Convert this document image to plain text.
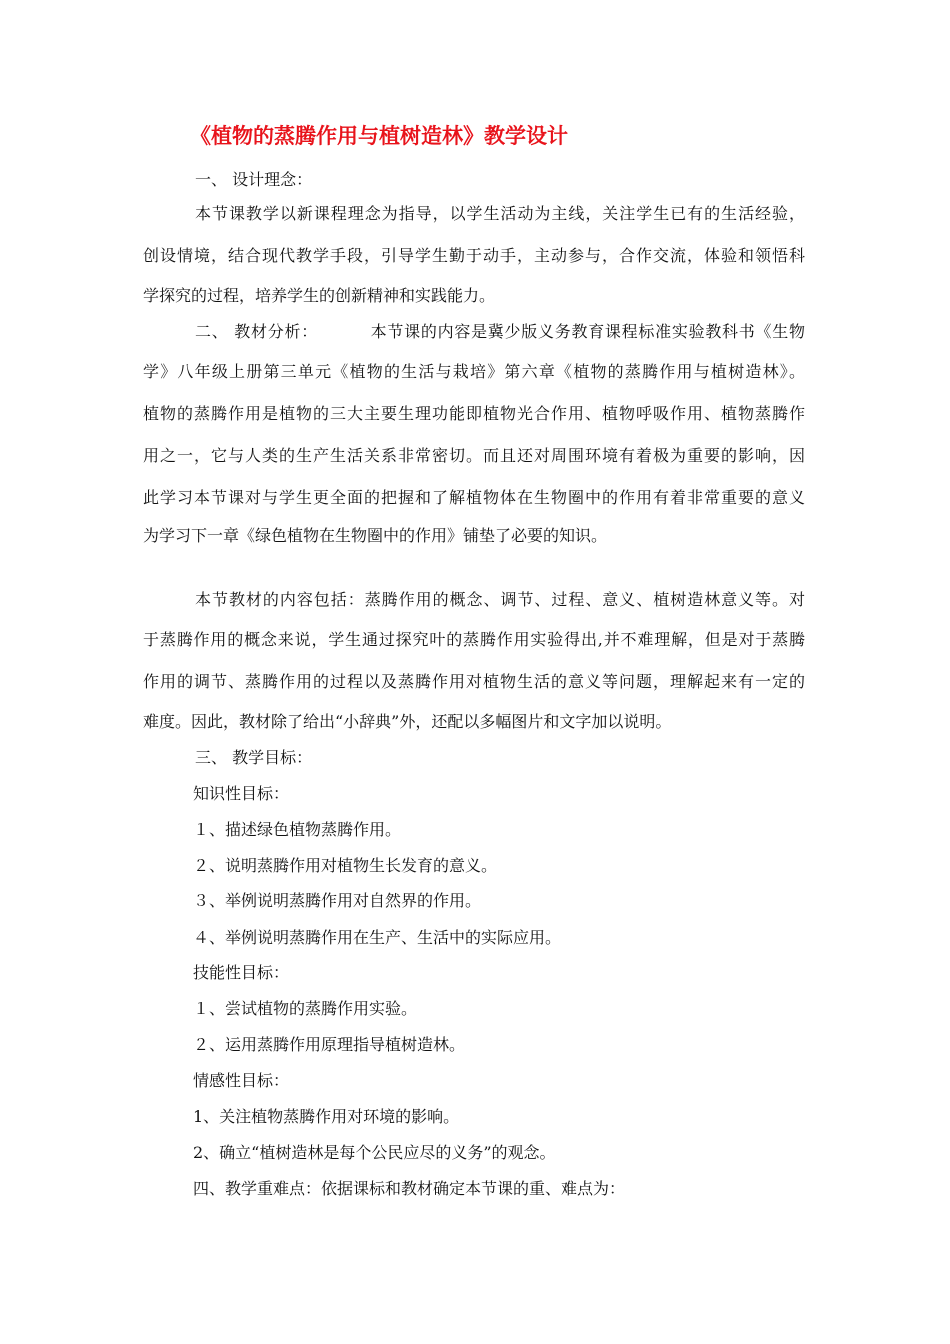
《植物的蒸腾作用与植树造林》教学设计
一、 设计理念：
本节课教学以新课程理念为指导，以学生活动为主线，关注学生已有的生活经验，
创设情境，结合现代教学手段，引导学生勤于动手，主动参与，合作交流，体验和领悟科
学探究的过程，培养学生的创新精神和实践能力。
二、 教材分析：	本节课的内容是冀少版义务教育课程标准实验教科书《生物
学》八年级上册第三单元《植物的生活与栽培》第六章《植物的蒸腾作用与植树造林》。
植物的蒸腾作用是植物的三大主要生理功能即植物光合作用、植物呼吸作用、植物蒸腾作
用之一，它与人类的生产生活关系非常密切。而且还对周围环境有着极为重要的影响，因
此学习本节课对与学生更全面的把握和了解植物体在生物圈中的作用有着非常重要的意义
为学习下一章《绿色植物在生物圈中的作用》铺垫了必要的知识。
本节教材的内容包括：蒸腾作用的概念、调节、过程、意义、植树造林意义等。对
于蒸腾作用的概念来说，学生通过探究叶的蒸腾作用实验得出,并不难理解，但是对于蒸腾
作用的调节、蒸腾作用的过程以及蒸腾作用对植物生活的意义等问题，理解起来有一定的
难度。因此，教材除了给出“小辞典”外，还配以多幅图片和文字加以说明。
三、 教学目标：
知识性目标：
１、描述绿色植物蒸腾作用。
２、说明蒸腾作用对植物生长发育的意义。
３、举例说明蒸腾作用对自然界的作用。
４、举例说明蒸腾作用在生产、生活中的实际应用。
技能性目标：
１、尝试植物的蒸腾作用实验。
２、运用蒸腾作用原理指导植树造林。
情感性目标：
1、关注植物蒸腾作用对环境的影响。
2、确立“植树造林是每个公民应尽的义务”的观念。
四、教学重难点：依据课标和教材确定本节课的重、难点为：
